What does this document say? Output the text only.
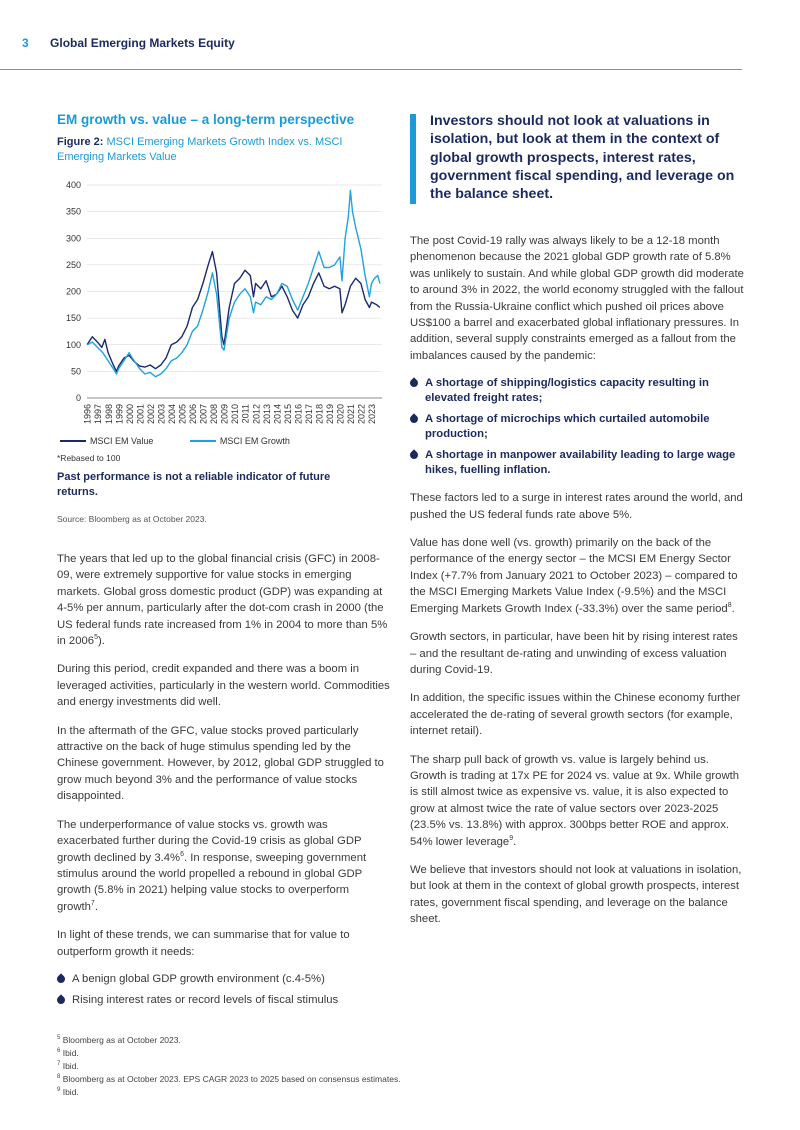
3 Global Emerging Markets Equity
EM growth vs. value – a long-term perspective

Figure 2: MSCI Emerging Markets Growth Index vs. MSCI Emerging Markets Value

0
50
100
150
200
250
300
350
400
1996 1997 1998 1999 2000 2001 2002 2003 2004 2005 2006 2007 2008 2009 2010 2011 2012 2013 2014 2015 2016 2017 2018 2019 2020 2021 2022 2023
MSCI EM Value
	MSCI EM Growth
*Rebased to 100
Past performance is not a reliable indicator of future returns.
Source: Bloomberg as at October 2023.

The years that led up to the global financial crisis (GFC) in 2008-09, were extremely supportive for value stocks in emerging markets. Global gross domestic product (GDP) was expanding at 4-5% per annum, particularly after the dot-com crash in 2000 (the US federal funds rate increased from 1% in 2004 to more than 5% in 2006$^5$).

During this period, credit expanded and there was a boom in leveraged activities, particularly in the western world. Commodities and energy investments did well.

In the aftermath of the GFC, value stocks proved particularly attractive on the back of huge stimulus spending led by the Chinese government. However, by 2012, global GDP struggled to grow much beyond 3% and the performance of value stocks disappointed.

The underperformance of value stocks vs. growth was exacerbated further during the Covid-19 crisis as global GDP growth declined by 3.4%$^6$. In response, sweeping government stimulus around the world propelled a rebound in global GDP growth (5.8% in 2021) helping value stocks to overperform growth$^7$.

In light of these trends, we can summarise that for value to outperform growth it needs:

A benign global GDP growth environment (c.4-5%)
Rising interest rates or record levels of fiscal stimulus
Investors should not look at valuations in isolation, but look at them in the context of global growth prospects, interest rates, government fiscal spending, and leverage on the balance sheet.

The post Covid-19 rally was always likely to be a 12-18 month phenomenon because the 2021 global GDP growth rate of 5.8% was unlikely to sustain. And while global GDP growth did moderate to around 3% in 2022, the world economy struggled with the fallout from the Russia-Ukraine conflict which pushed oil prices above US$100 a barrel and exacerbated global inflationary pressures. In addition, several supply constraints emerged as a fallout from the imbalances caused by the pandemic:

A shortage of shipping/logistics capacity resulting in elevated freight rates;
A shortage of microchips which curtailed automobile production;
A shortage in manpower availability leading to large wage hikes, fuelling inflation.

These factors led to a surge in interest rates around the world, and pushed the US federal funds rate above 5%.

Value has done well (vs. growth) primarily on the back of the performance of the energy sector – the MCSI EM Energy Sector Index (+7.7% from January 2021 to October 2023) – compared to the MSCI Emerging Markets Value Index (-9.5%) and the MSCI Emerging Markets Growth Index (-33.3%) over the same period$^8$.

Growth sectors, in particular, have been hit by rising interest rates – and the resultant de-rating and unwinding of excess valuation during Covid-19.

In addition, the specific issues within the Chinese economy further accelerated the de-rating of several growth sectors (for example, internet retail).

The sharp pull back of growth vs. value is largely behind us. Growth is trading at 17x PE for 2024 vs. value at 9x. While growth is still almost twice as expensive vs. value, it is also expected to grow at almost twice the rate of value sectors over 2023-2025 (23.5% vs. 13.8%) with approx. 300bps better ROE and approx. 54% lower leverage$^9$.

We believe that investors should not look at valuations in isolation, but look at them in the context of global growth prospects, interest rates, government fiscal spending, and leverage on the balance sheet.

$^5$ Bloomberg as at October 2023.
$^6$ Ibid.
$^7$ Ibid.
$^8$ Bloomberg as at October 2023. EPS CAGR 2023 to 2025 based on consensus estimates.
$^9$ Ibid.
